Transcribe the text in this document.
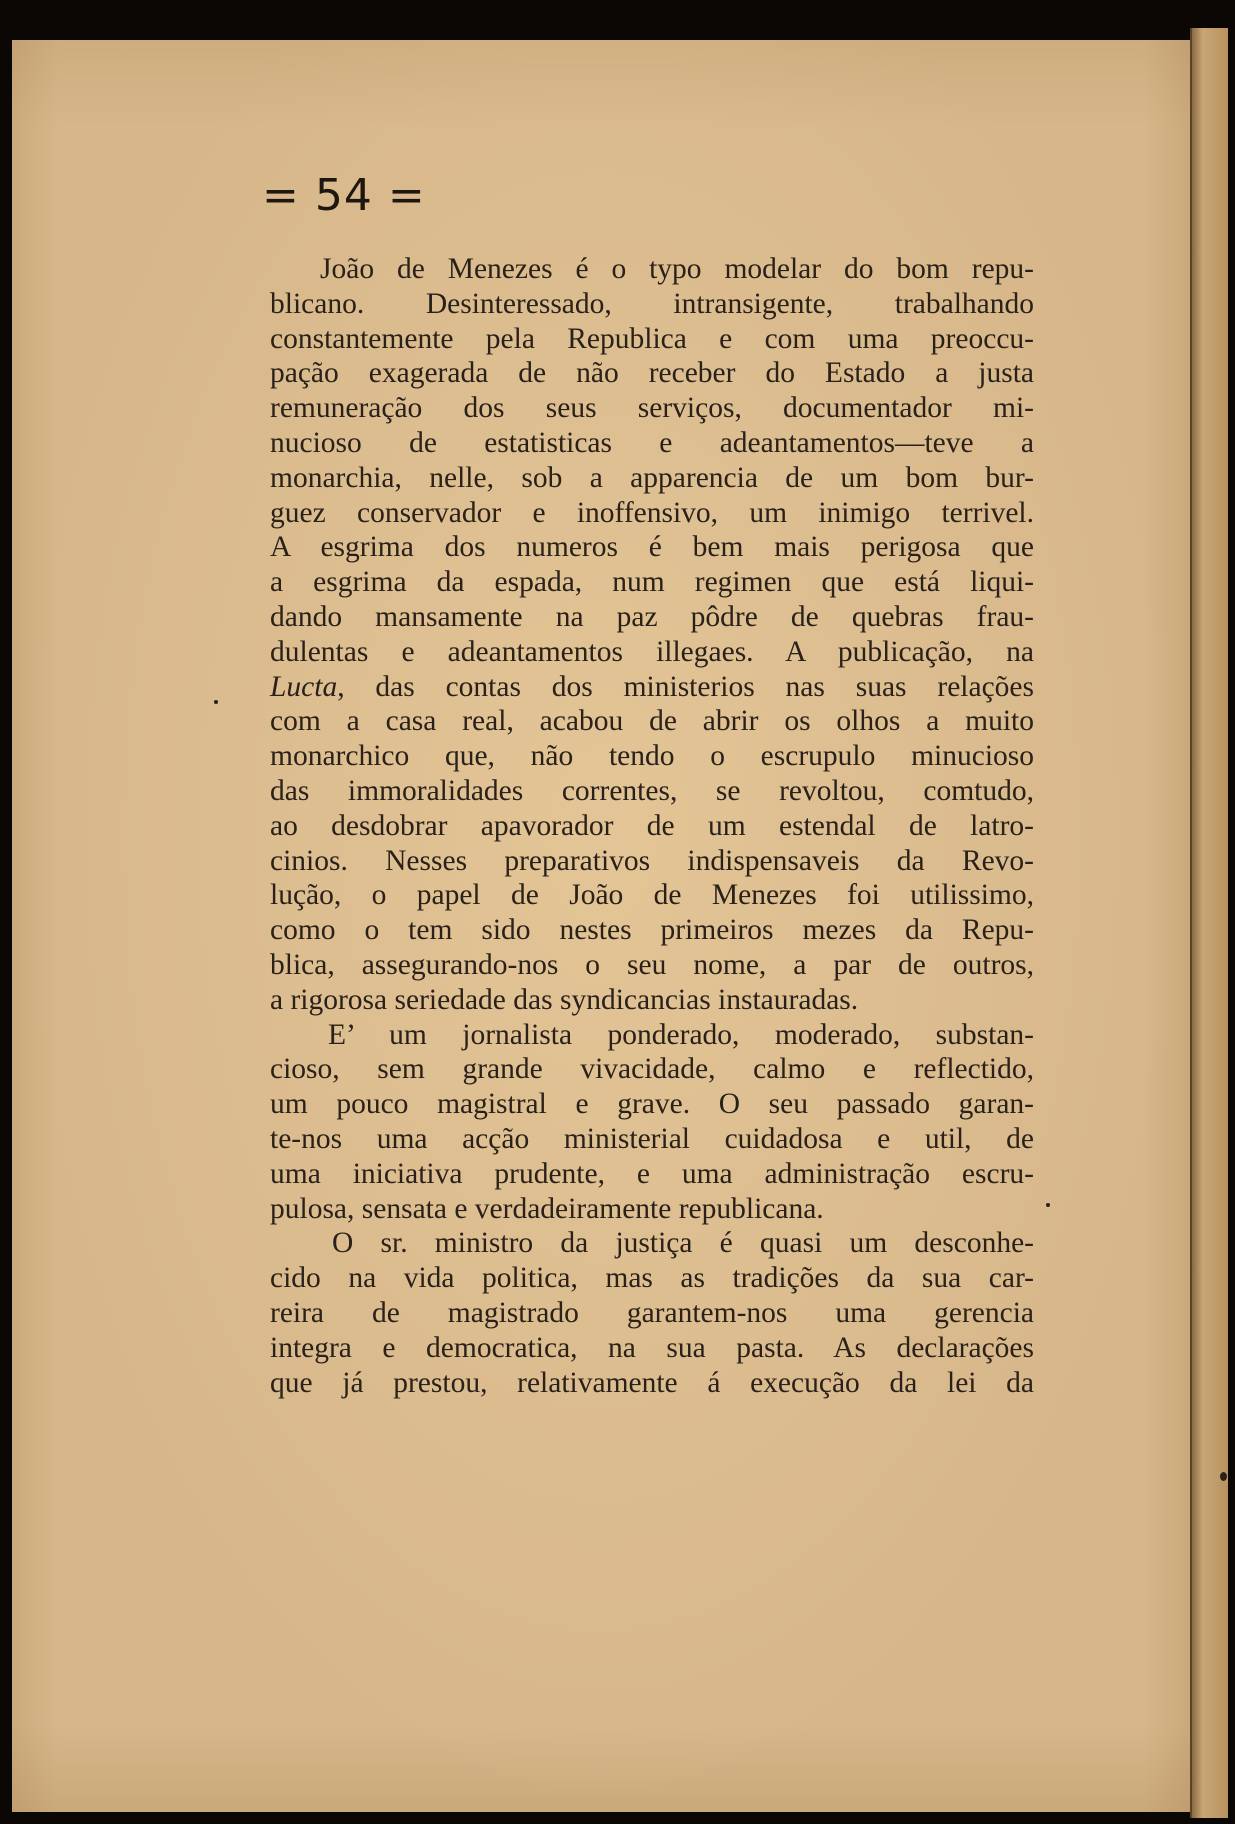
= 54 =
João de Menezes é o typo modelar do bom repu-
blicano. Desinteressado, intransigente, trabalhando
constantemente pela Republica e com uma preoccu-
pação exagerada de não receber do Estado a justa
remuneração dos seus serviços, documentador mi-
nucioso de estatisticas e adeantamentos—teve a
monarchia, nelle, sob a apparencia de um bom bur-
guez conservador e inoffensivo, um inimigo terrivel.
A esgrima dos numeros é bem mais perigosa que
a esgrima da espada, num regimen que está liqui-
dando mansamente na paz pôdre de quebras frau-
dulentas e adeantamentos illegaes. A publicação, na
Lucta, das contas dos ministerios nas suas relações
com a casa real, acabou de abrir os olhos a muito
monarchico que, não tendo o escrupulo minucioso
das immoralidades correntes, se revoltou, comtudo,
ao desdobrar apavorador de um estendal de latro-
cinios. Nesses preparativos indispensaveis da Revo-
lução, o papel de João de Menezes foi utilissimo,
como o tem sido nestes primeiros mezes da Repu-
blica, assegurando-nos o seu nome, a par de outros,
a rigorosa seriedade das syndicancias instauradas.
E’ um jornalista ponderado, moderado, substan-
cioso, sem grande vivacidade, calmo e reflectido,
um pouco magistral e grave. O seu passado garan-
te-nos uma acção ministerial cuidadosa e util, de
uma iniciativa prudente, e uma administração escru-
pulosa, sensata e verdadeiramente republicana.
O sr. ministro da justiça é quasi um desconhe-
cido na vida politica, mas as tradições da sua car-
reira de magistrado garantem-nos uma gerencia
integra e democratica, na sua pasta. As declarações
que já prestou, relativamente á execução da lei da
